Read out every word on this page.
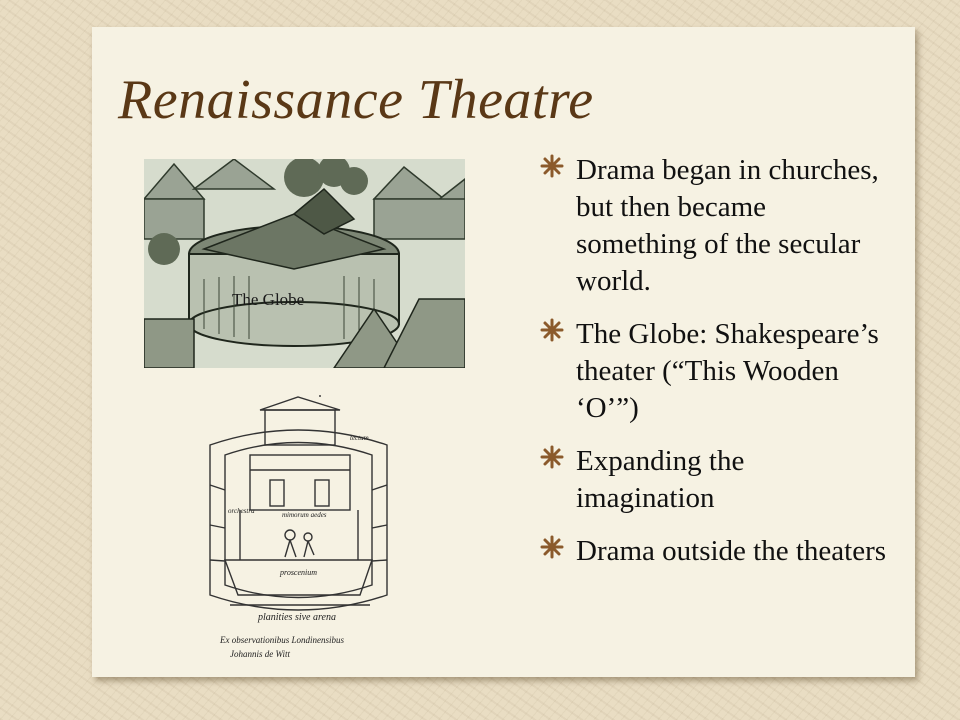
Renaissance Theatre
The Globe
tectum
orchestra	mimorum aedes
proscenium
planities sive arena
Ex observationibus Londinensibus
Johannis de Witt
Drama began in churches, but then became something of the secular world.
The Globe: Shakespeare’s theater (“This Wooden ‘O’”)
Expanding the imagination
Drama outside the theaters
